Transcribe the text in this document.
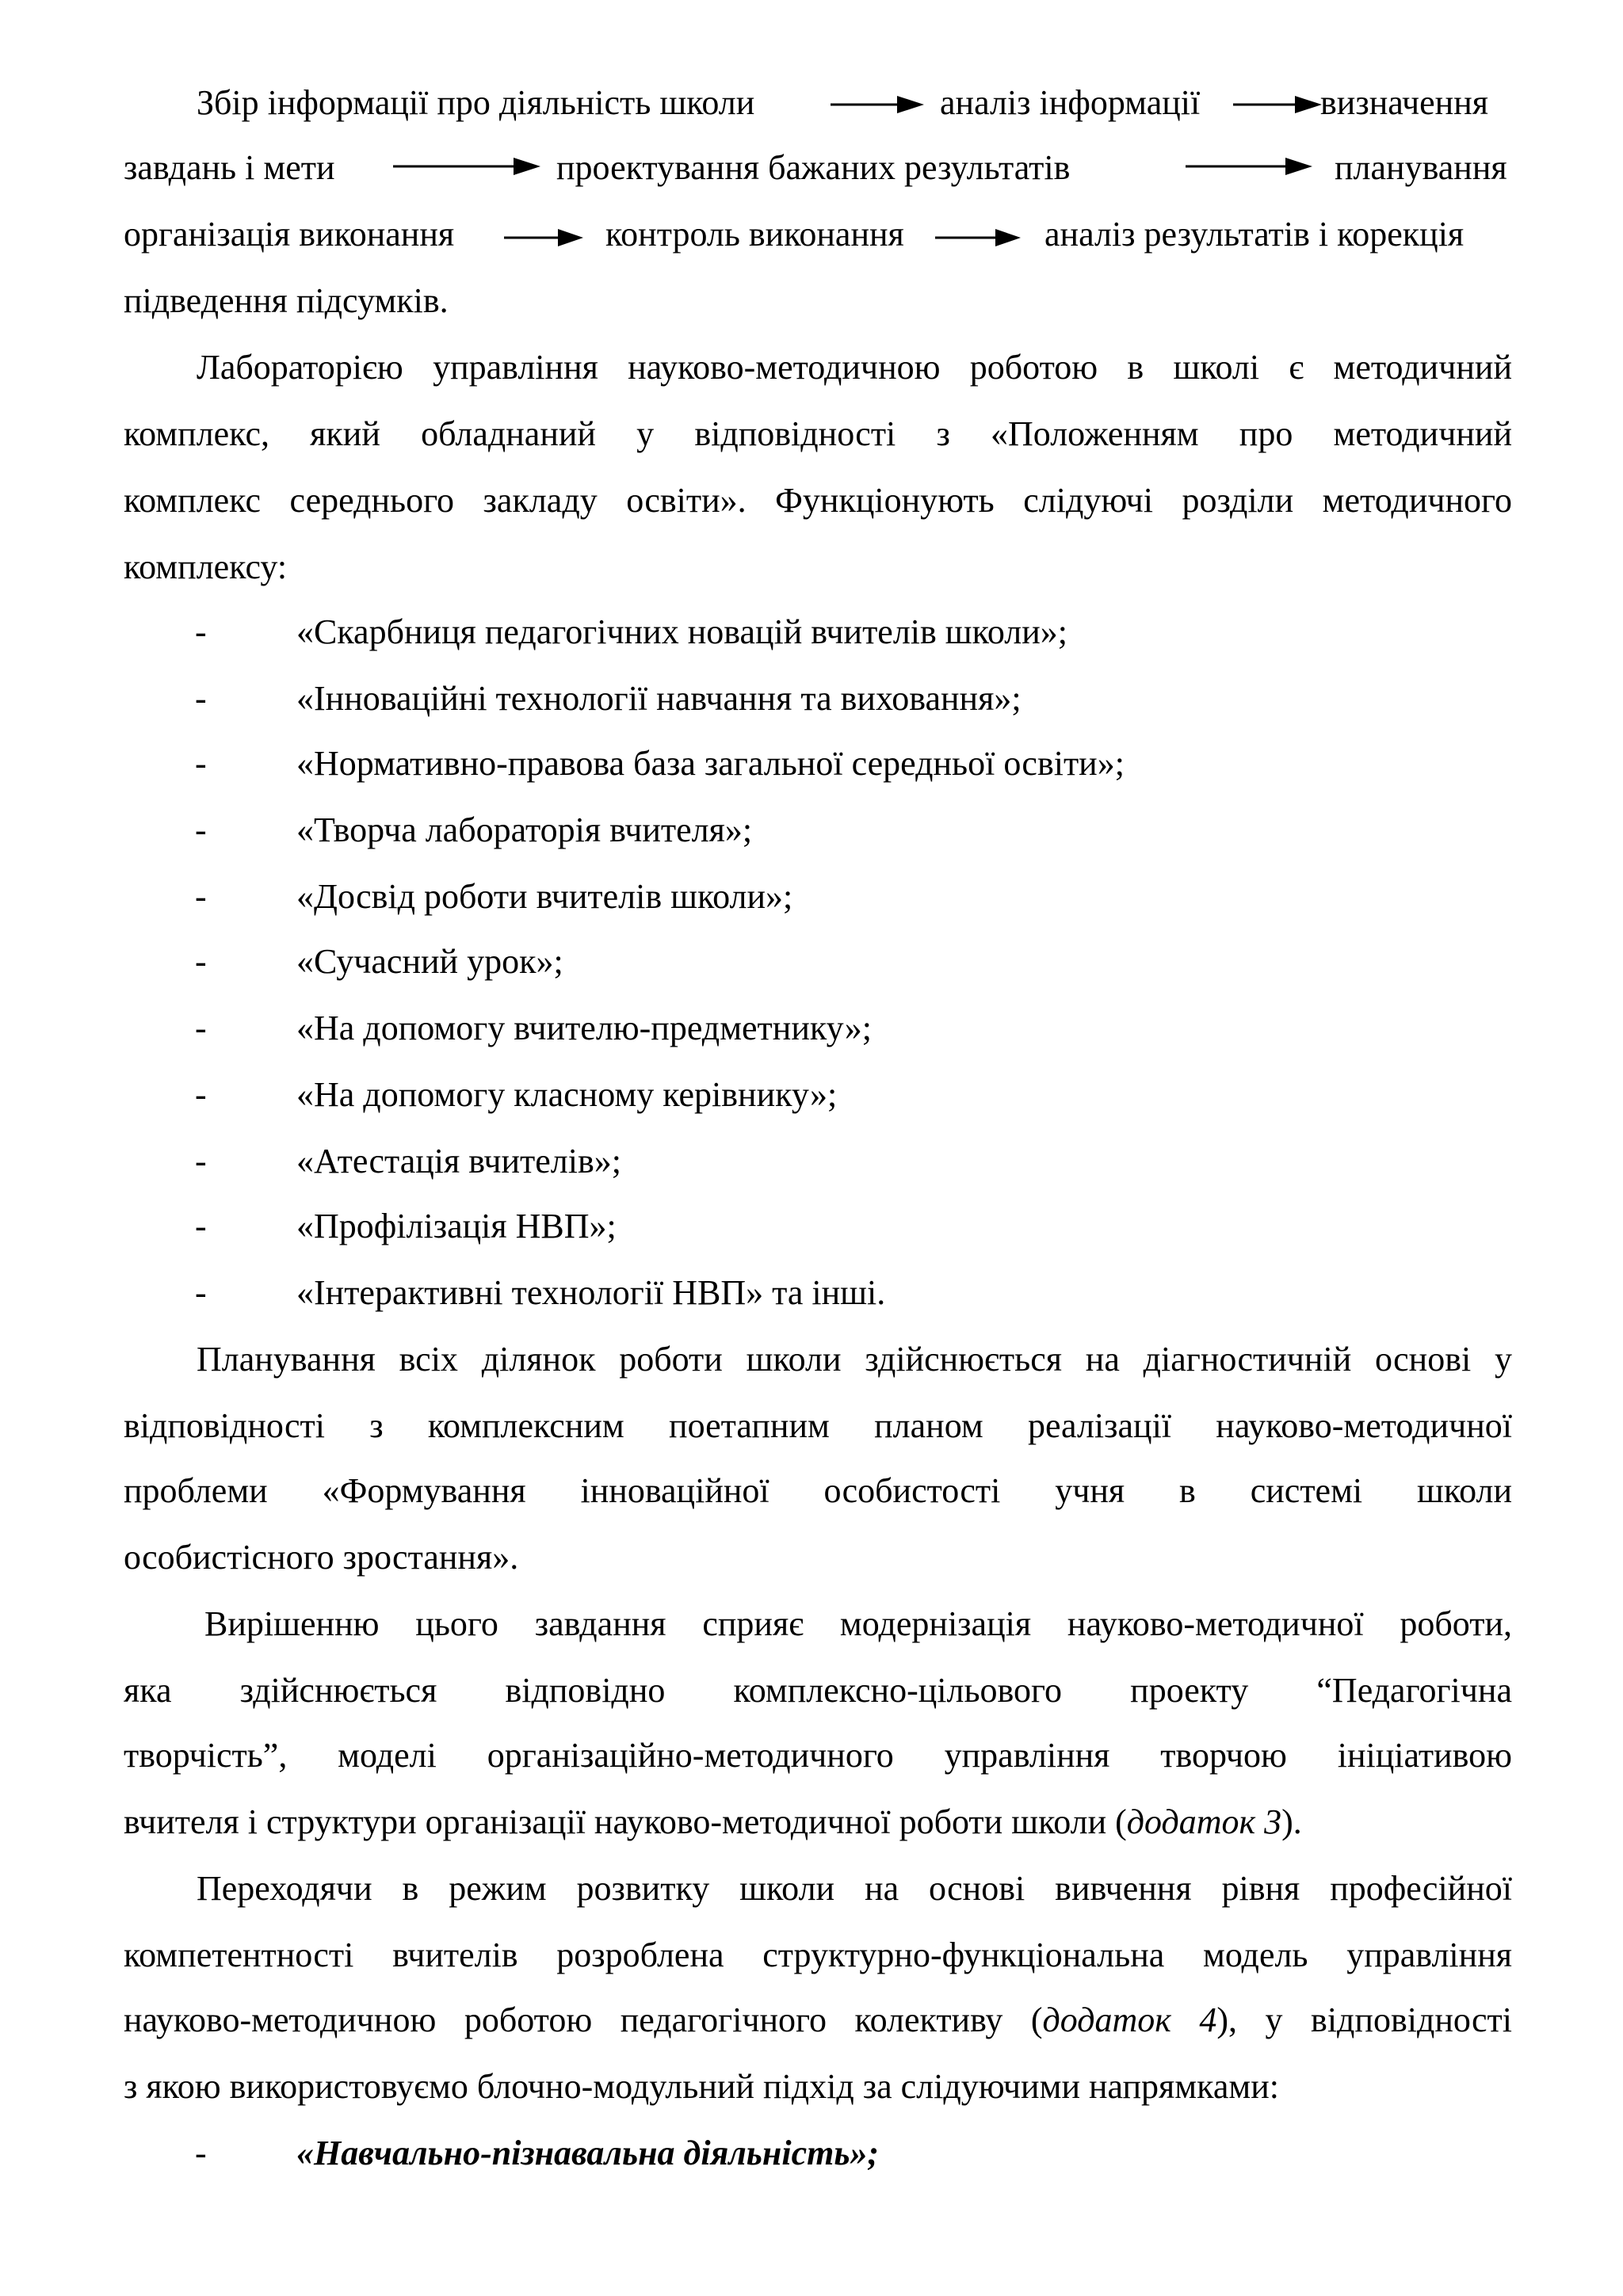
Збір інформації про діяльність школи	аналіз інформації	визначення
завдань і мети	проектування бажаних результатів	планування
організація виконання	контроль виконання	аналіз результатів і корекція
підведення підсумків.
Лабораторією управління науково-методичною роботою в школі є методичний
комплекс, який обладнаний у відповідності з «Положенням про методичний
комплекс середнього закладу освіти». Функціонують слідуючі розділи методичного
комплексу:
-	«Скарбниця педагогічних новацій вчителів школи»;
-	«Інноваційні технології навчання та виховання»;
-	«Нормативно-правова база загальної середньої освіти»;
-	«Творча лабораторія вчителя»;
-	«Досвід роботи вчителів школи»;
-	«Сучасний урок»;
-	«На допомогу вчителю-предметнику»;
-	«На допомогу класному керівнику»;
-	«Атестація вчителів»;
-	«Профілізація НВП»;
-	«Інтерактивні технології НВП» та інші.
Планування всіх ділянок роботи школи здійснюється на діагностичній основі у
відповідності з комплексним поетапним планом реалізації науково-методичної
проблеми «Формування інноваційної особистості учня в системі школи
особистісного зростання».
Вирішенню цього завдання сприяє модернізація науково-методичної роботи,
яка здійснюється відповідно комплексно-цільового проекту “Педагогічна
творчість”, моделі організаційно-методичного управління творчою ініціативою
вчителя і структури організації науково-методичної роботи школи (додаток 3).
Переходячи в режим розвитку школи на основі вивчення рівня професійної
компетентності вчителів розроблена структурно-функціональна модель управління
науково-методичною роботою педагогічного колективу (додаток 4), у відповідності
з якою використовуємо блочно-модульний підхід за слідуючими напрямками:
-	«Навчально-пізнавальна діяльність»;
